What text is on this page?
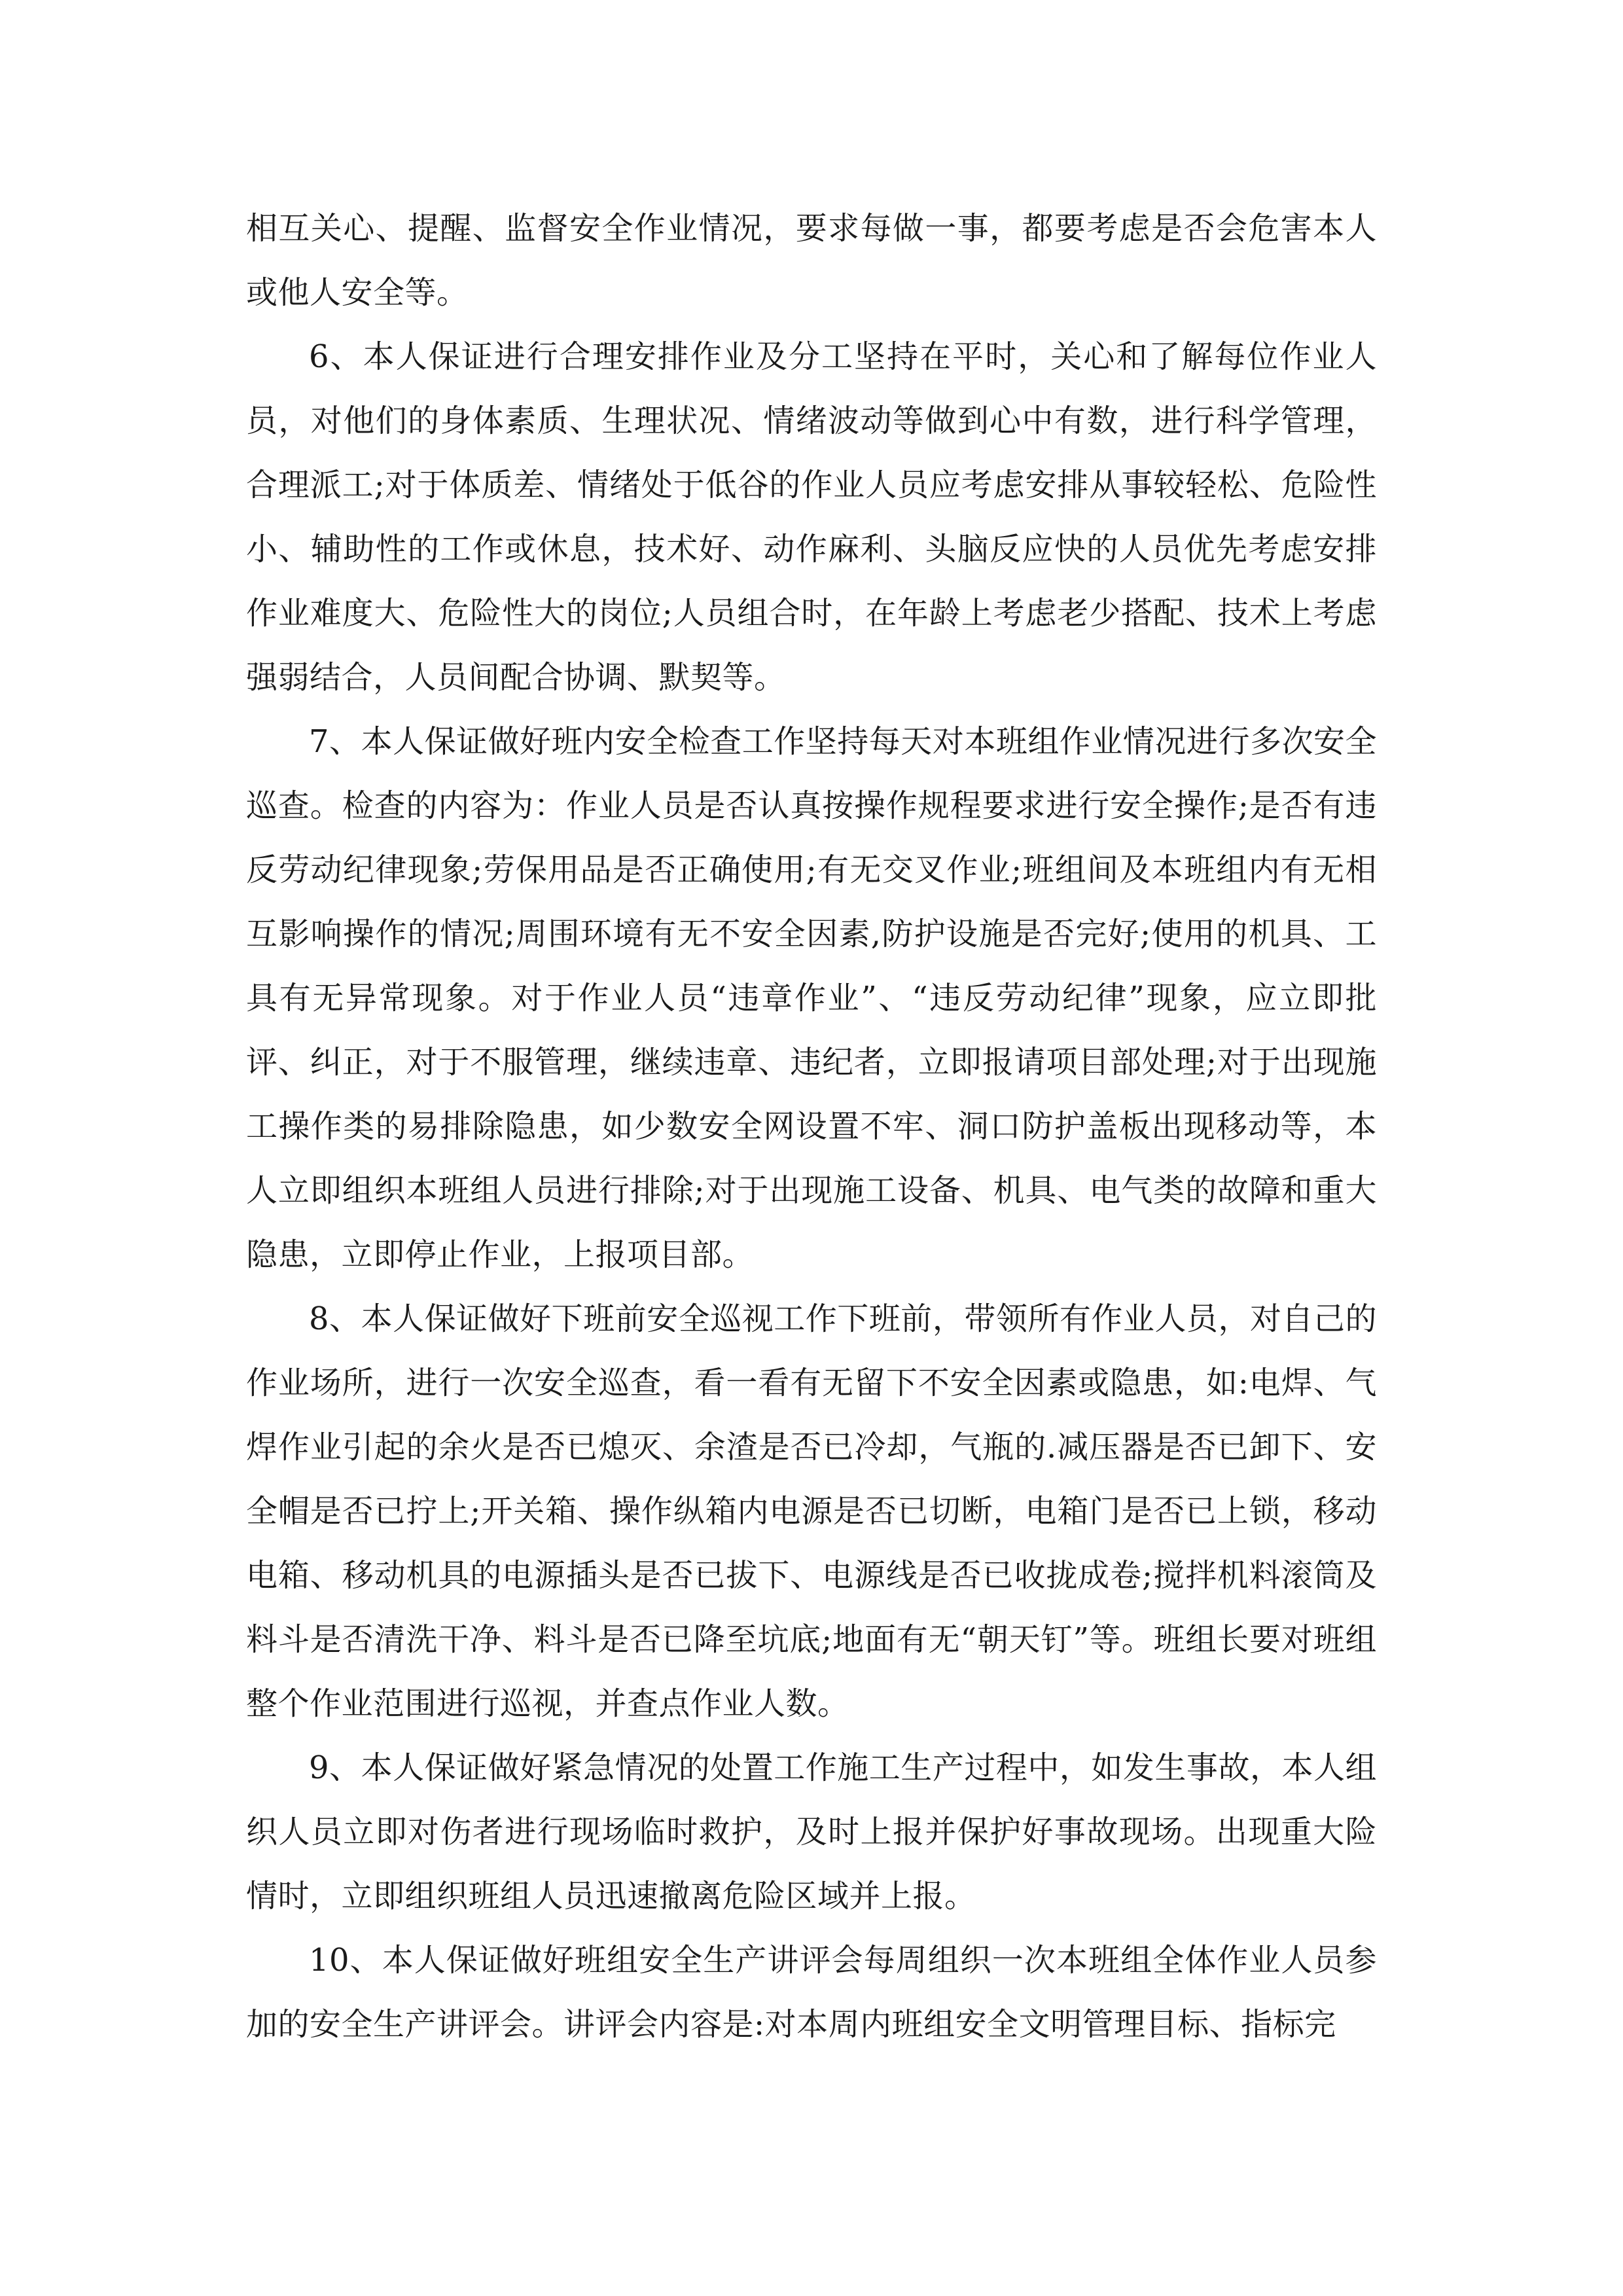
相互关心、提醒、监督安全作业情况，要求每做一事，都要考虑是否会危害本人或他人安全等。

6、本人保证进行合理安排作业及分工坚持在平时，关心和了解每位作业人员，对他们的身体素质、生理状况、情绪波动等做到心中有数，进行科学管理，合理派工;对于体质差、情绪处于低谷的作业人员应考虑安排从事较轻松、危险性小、辅助性的工作或休息，技术好、动作麻利、头脑反应快的人员优先考虑安排作业难度大、危险性大的岗位;人员组合时，在年龄上考虑老少搭配、技术上考虑强弱结合，人员间配合协调、默契等。

7、本人保证做好班内安全检查工作坚持每天对本班组作业情况进行多次安全巡查。检查的内容为：作业人员是否认真按操作规程要求进行安全操作;是否有违反劳动纪律现象;劳保用品是否正确使用;有无交叉作业;班组间及本班组内有无相互影响操作的情况;周围环境有无不安全因素,防护设施是否完好;使用的机具、工具有无异常现象。对于作业人员“违章作业”、“违反劳动纪律”现象，应立即批评、纠正，对于不服管理，继续违章、违纪者，立即报请项目部处理;对于出现施工操作类的易排除隐患，如少数安全网设置不牢、洞口防护盖板出现移动等，本人立即组织本班组人员进行排除;对于出现施工设备、机具、电气类的故障和重大隐患，立即停止作业，上报项目部。

8、本人保证做好下班前安全巡视工作下班前，带领所有作业人员，对自己的作业场所，进行一次安全巡查，看一看有无留下不安全因素或隐患，如:电焊、气焊作业引起的余火是否已熄灭、余渣是否已冷却，气瓶的.减压器是否已卸下、安全帽是否已拧上;开关箱、操作纵箱内电源是否已切断，电箱门是否已上锁，移动电箱、移动机具的电源插头是否已拔下、电源线是否已收拢成卷;搅拌机料滚筒及料斗是否清洗干净、料斗是否已降至坑底;地面有无“朝天钉”等。班组长要对班组整个作业范围进行巡视，并查点作业人数。

9、本人保证做好紧急情况的处置工作施工生产过程中，如发生事故，本人组织人员立即对伤者进行现场临时救护，及时上报并保护好事故现场。出现重大险情时，立即组织班组人员迅速撤离危险区域并上报。

10、本人保证做好班组安全生产讲评会每周组织一次本班组全体作业人员参加的安全生产讲评会。讲评会内容是:对本周内班组安全文明管理目标、指标完
